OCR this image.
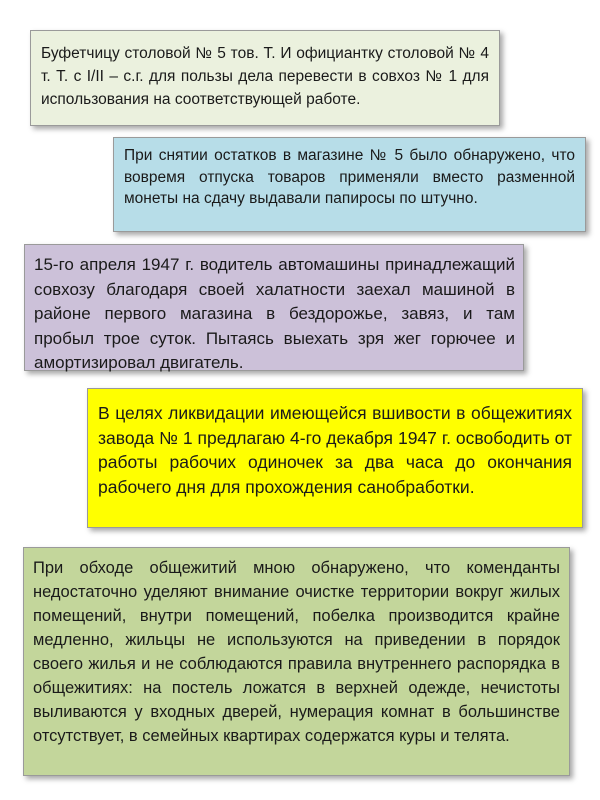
Буфетчицу столовой № 5 тов. Т. И официантку столовой № 4 т. Т. с I/II – с.г. для пользы дела перевести в совхоз № 1 для использования на соответствующей работе.

При снятии остатков в магазине № 5 было обнаружено, что вовремя отпуска товаров применяли вместо разменной монеты на сдачу выдавали папиросы по штучно.

15-го апреля 1947 г. водитель автомашины принадлежащий совхозу благодаря своей халатности заехал машиной в районе первого магазина в бездорожье, завяз, и там пробыл трое суток. Пытаясь выехать зря жег горючее и амортизировал двигатель.

В целях ликвидации имеющейся вшивости в общежитиях завода № 1 предлагаю 4-го декабря 1947 г. освободить от работы рабочих одиночек за два часа до окончания рабочего дня для прохождения санобработки.

При обходе общежитий мною обнаружено, что коменданты недостаточно уделяют внимание очистке территории вокруг жилых помещений, внутри помещений, побелка производится крайне медленно, жильцы не используются на приведении в порядок своего жилья и не соблюдаются правила внутреннего распорядка в общежитиях: на постель ложатся в верхней одежде, нечистоты выливаются у входных дверей, нумерация комнат в большинстве отсутствует, в семейных квартирах содержатся куры и телята.
